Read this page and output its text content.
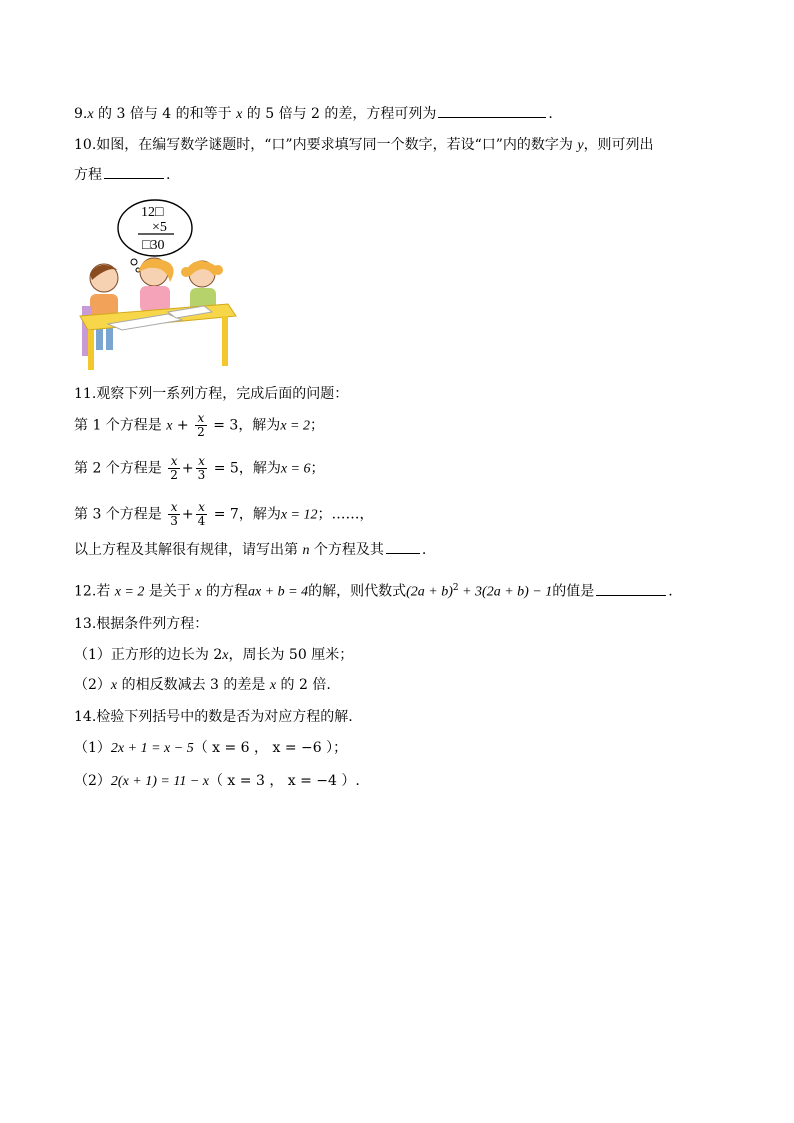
9.x 的 3 倍与 4 的和等于 x 的 5 倍与 2 的差，方程可列为	.
10.如图，在编写数学谜题时，“口”内要求填写同一个数字，若设“口”内的数字为 y，则可列出
方程	.
12□
×5
□30
11.观察下列一系列方程，完成后面的问题：
第 1 个方程是 $x + \frac{x}{2} = 3$，解为x = 2；
第 2 个方程是 $\frac{x}{2} + \frac{x}{3} = 5$，解为x = 6；
第 3 个方程是 $\frac{x}{3} + \frac{x}{4} = 7$，解为x = 12；……，
以上方程及其解很有规律，请写出第 n 个方程及其	.
12.若 x = 2 是关于 x 的方程ax + b = 4的解，则代数式$(2a + b)^2 + 3(2a + b) - 1$的值是	.
13.根据条件列方程：
（1）正方形的边长为 2x，周长为 50 厘米；
（2）x 的相反数减去 3 的差是 x 的 2 倍.
14.检验下列括号中的数是否为对应方程的解.
（1）2x + 1 = x − 5（ x = 6 ， x = −6 ）；
（2）2(x + 1) = 11 − x（ x = 3 ， x = −4 ）.
